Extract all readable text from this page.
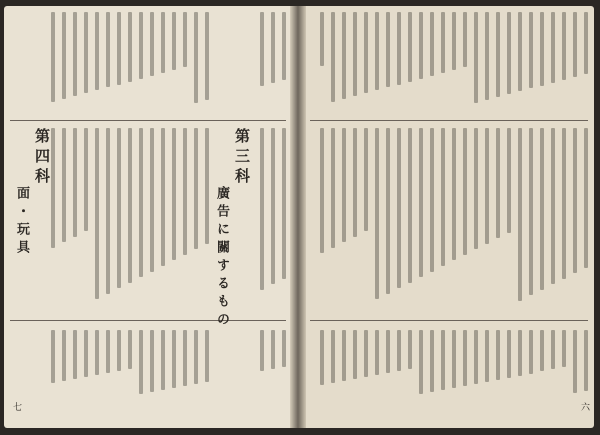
第三科
廣告に關するもの
第四科
面・玩具
七	六
